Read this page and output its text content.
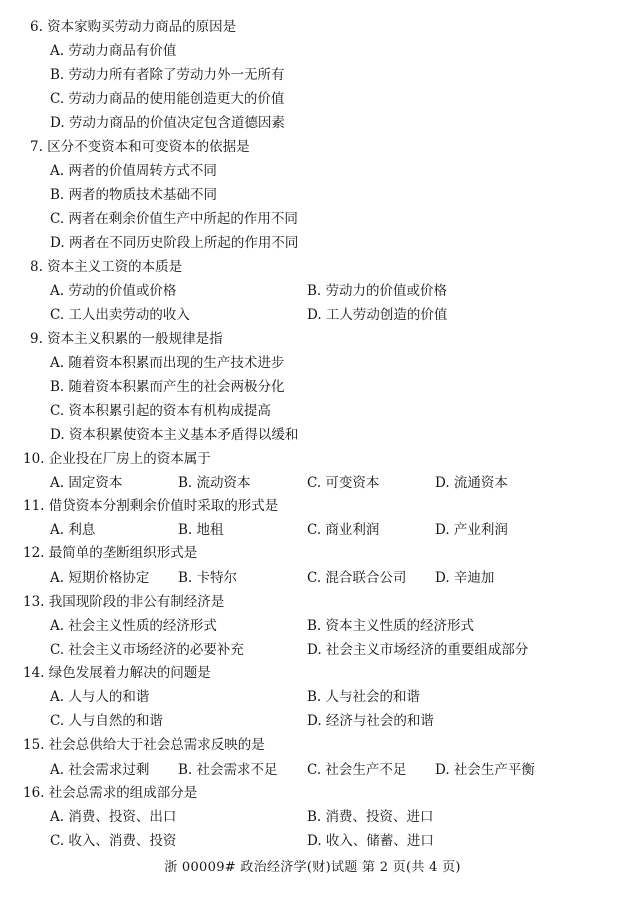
6. 资本家购买劳动力商品的原因是
A. 劳动力商品有价值
B. 劳动力所有者除了劳动力外一无所有
C. 劳动力商品的使用能创造更大的价值
D. 劳动力商品的价值决定包含道德因素
7. 区分不变资本和可变资本的依据是
A. 两者的价值周转方式不同
B. 两者的物质技术基础不同
C. 两者在剩余价值生产中所起的作用不同
D. 两者在不同历史阶段上所起的作用不同
8. 资本主义工资的本质是
A. 劳动的价值或价格	B. 劳动力的价值或价格
C. 工人出卖劳动的收入	D. 工人劳动创造的价值
9. 资本主义积累的一般规律是指
A. 随着资本积累而出现的生产技术进步
B. 随着资本积累而产生的社会两极分化
C. 资本积累引起的资本有机构成提高
D. 资本积累使资本主义基本矛盾得以缓和
10. 企业投在厂房上的资本属于
A. 固定资本	B. 流动资本	C. 可变资本	D. 流通资本
11. 借贷资本分割剩余价值时采取的形式是
A. 利息	B. 地租	C. 商业利润	D. 产业利润
12. 最简单的垄断组织形式是
A. 短期价格协定 B. 卡特尔	C. 混合联合公司 D. 辛迪加
13. 我国现阶段的非公有制经济是
A. 社会主义性质的经济形式	B. 资本主义性质的经济形式
C. 社会主义市场经济的必要补充	D. 社会主义市场经济的重要组成部分
14. 绿色发展着力解决的问题是
A. 人与人的和谐	B. 人与社会的和谐
C. 人与自然的和谐	D. 经济与社会的和谐
15. 社会总供给大于社会总需求反映的是
A. 社会需求过剩 B. 社会需求不足 C. 社会生产不足 D. 社会生产平衡
16. 社会总需求的组成部分是
A. 消费、投资、出口	B. 消费、投资、进口
C. 收入、消费、投资	D. 收入、储蓄、进口
浙 00009# 政治经济学(财)试题 第 2 页(共 4 页)
